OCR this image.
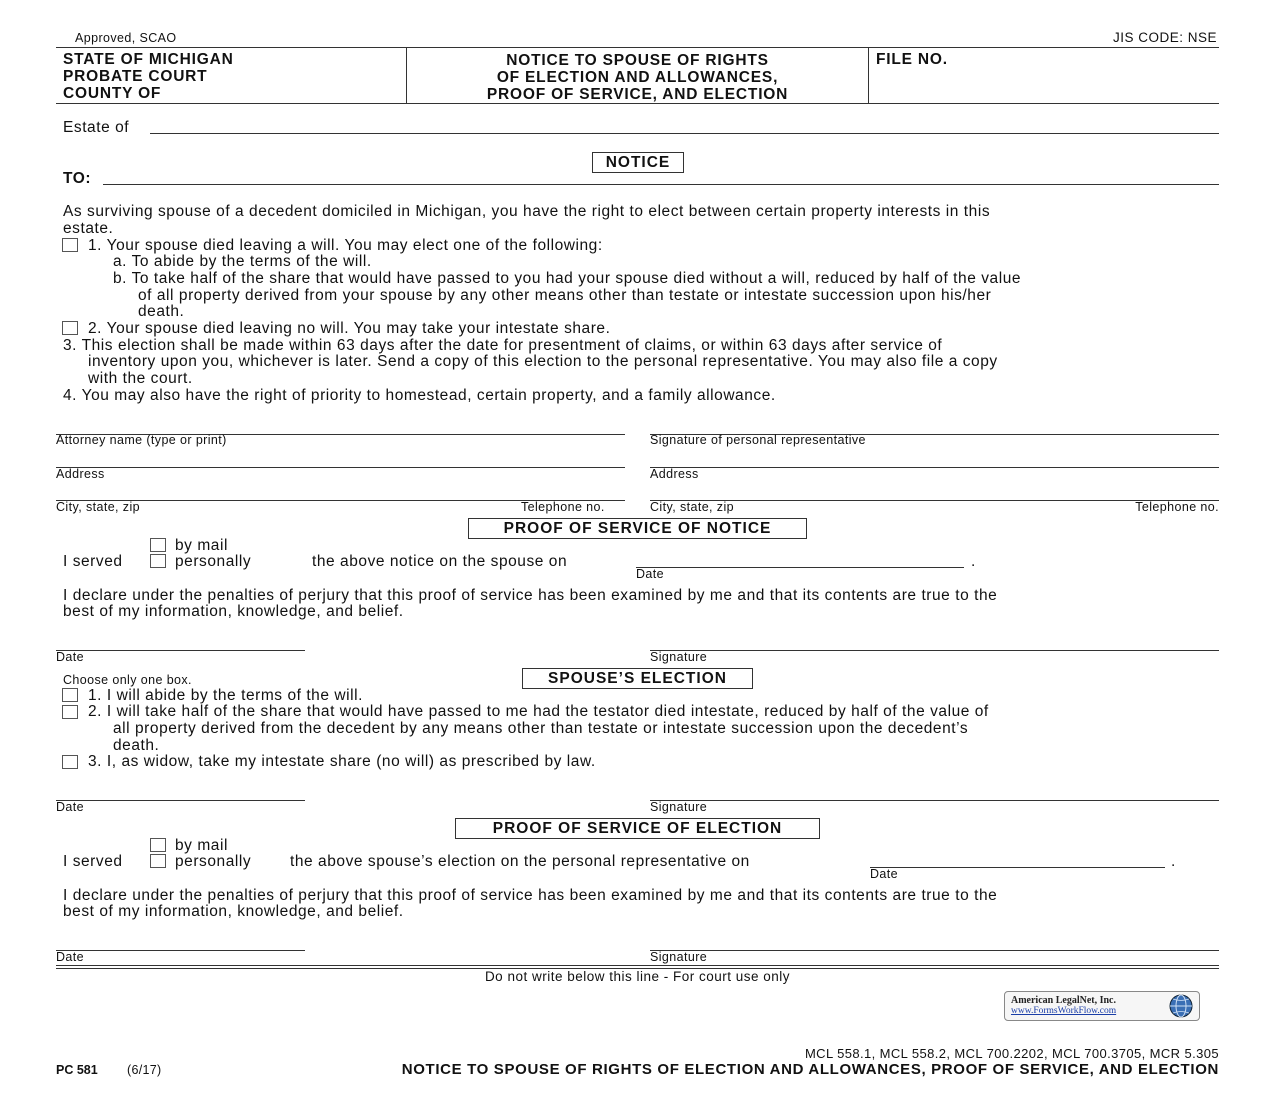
Approved, SCAO	JIS CODE: NSE
STATE OF MICHIGAN
PROBATE COURT
COUNTY OF
NOTICE TO SPOUSE OF RIGHTS
OF ELECTION AND ALLOWANCES,
PROOF OF SERVICE, AND ELECTION
FILE NO.
Estate of
NOTICE
TO:
As surviving spouse of a decedent domiciled in Michigan, you have the right to elect between certain property interests in this
estate.
1. Your spouse died leaving a will. You may elect one of the following:
a. To abide by the terms of the will.
b. To take half of the share that would have passed to you had your spouse died without a will, reduced by half of the value
of all property derived from your spouse by any other means other than testate or intestate succession upon his/her
death.
2. Your spouse died leaving no will. You may take your intestate share.
3. This election shall be made within 63 days after the date for presentment of claims, or within 63 days after service of
inventory upon you, whichever is later. Send a copy of this election to the personal representative. You may also file a copy
with the court.
4. You may also have the right of priority to homestead, certain property, and a family allowance.
Attorney name (type or print)	Signature of personal representative
Address	Address
City, state, zip	Telephone no.	City, state, zip	Telephone no.
PROOF OF SERVICE OF NOTICE
by mail
I served	personally	the above notice on the spouse on	.
Date
I declare under the penalties of perjury that this proof of service has been examined by me and that its contents are true to the
best of my information, knowledge, and belief.
Date	Signature
Choose only one box.	SPOUSE’S ELECTION
1. I will abide by the terms of the will.
2. I will take half of the share that would have passed to me had the testator died intestate, reduced by half of the value of
all property derived from the decedent by any means other than testate or intestate succession upon the decedent’s
death.
3. I, as widow, take my intestate share (no will) as prescribed by law.
Date	Signature
PROOF OF SERVICE OF ELECTION
by mail
I served	personally	the above spouse’s election on the personal representative on	.
Date
I declare under the penalties of perjury that this proof of service has been examined by me and that its contents are true to the
best of my information, knowledge, and belief.
Date	Signature
Do not write below this line - For court use only
American LegalNet, Inc.
www.FormsWorkFlow.com
MCL 558.1, MCL 558.2, MCL 700.2202, MCL 700.3705, MCR 5.305
PC 581 (6/17)	NOTICE TO SPOUSE OF RIGHTS OF ELECTION AND ALLOWANCES, PROOF OF SERVICE, AND ELECTION
